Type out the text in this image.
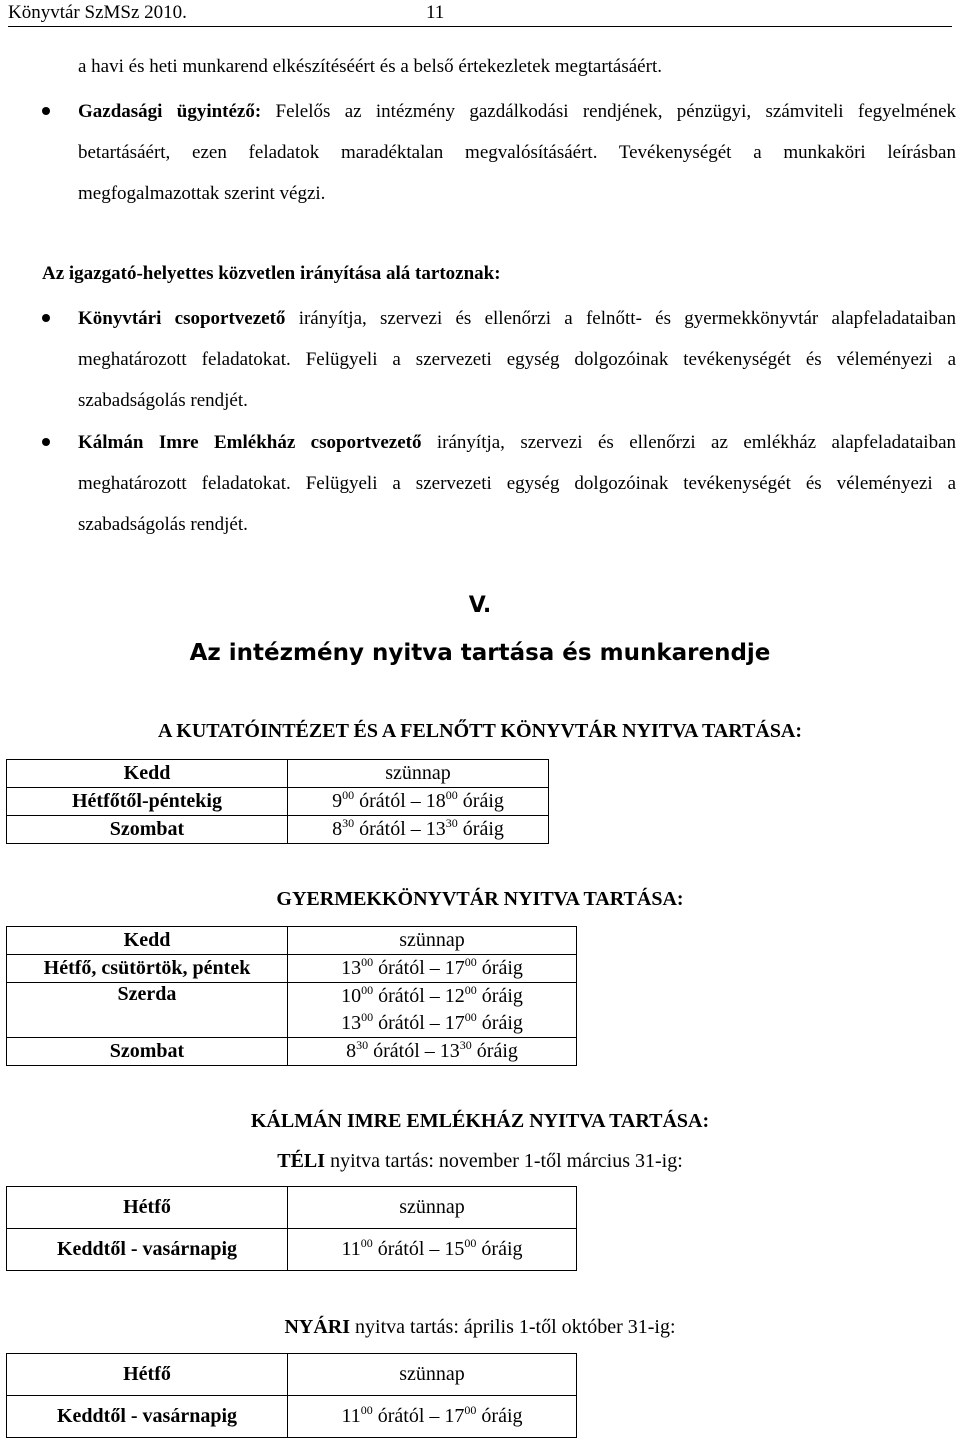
Könyvtár SzMSz 2010.	11
a havi és heti munkarend elkészítéséért és a belső értekezletek megtartásáért.
Gazdasági ügyintéző: Felelős az intézmény gazdálkodási rendjének, pénzügyi, számviteli fegyelmének betartásáért, ezen feladatok maradéktalan megvalósításáért. Tevékenységét a munkaköri leírásban megfogalmazottak szerint végzi.
Az igazgató-helyettes közvetlen irányítása alá tartoznak:
Könyvtári csoportvezető irányítja, szervezi és ellenőrzi a felnőtt- és gyermekkönyvtár alapfeladataiban meghatározott feladatokat. Felügyeli a szervezeti egység dolgozóinak tevékenységét és véleményezi a szabadságolás rendjét.
Kálmán Imre Emlékház csoportvezető irányítja, szervezi és ellenőrzi az emlékház alapfeladataiban meghatározott feladatokat. Felügyeli a szervezeti egység dolgozóinak tevékenységét és véleményezi a szabadságolás rendjét.
V.
Az intézmény nyitva tartása és munkarendje
A KUTATÓINTÉZET ÉS A FELNŐTT KÖNYVTÁR NYITVA TARTÁSA:
Kedd	szünnap
Hétfőtől-péntekig	$9^{00}$ órától – $18^{00}$ óráig

Szombat	$8^{30}$ órától – $13^{30}$ óráig
GYERMEKKÖNYVTÁR NYITVA TARTÁSA:
Kedd	szünnap
Hétfő, csütörtök, péntek	$13^{00}$ órától – $17^{00}$ óráig

Szerda	$10^{00}$ órától – $12^{00}$ óráig
$13^{00}$ órától – $17^{00}$ óráig

Szombat	$8^{30}$ órától – $13^{30}$ óráig
KÁLMÁN IMRE EMLÉKHÁZ NYITVA TARTÁSA:
TÉLI nyitva tartás: november 1-től március 31-ig:
Hétfő	szünnap
Keddtől - vasárnapig	$11^{00}$ órától – $15^{00}$ óráig
NYÁRI nyitva tartás: április 1-től október 31-ig:
Hétfő	szünnap
Keddtől - vasárnapig	$11^{00}$ órától – $17^{00}$ óráig
